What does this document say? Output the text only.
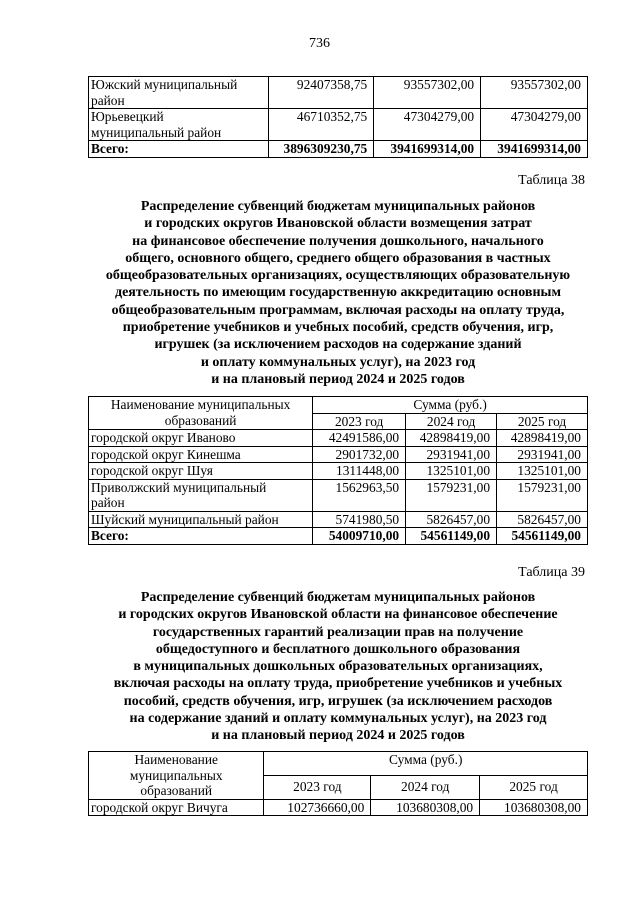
736
Южский муниципальный
район	92407358,75	93557302,00	93557302,00

Юрьевецкий
муниципальный район	46710352,75	47304279,00	47304279,00
Всего:	3896309230,75	3941699314,00	3941699314,00
Таблица 38
Распределение субвенций бюджетам муниципальных районов
и городских округов Ивановской области возмещения затрат
на финансовое обеспечение получения дошкольного, начального
общего, основного общего, среднего общего образования в частных
общеобразовательных организациях, осуществляющих образовательную
деятельность по имеющим государственную аккредитацию основным
общеобразовательным программам, включая расходы на оплату труда,
приобретение учебников и учебных пособий, средств обучения, игр,
игрушек (за исключением расходов на содержание зданий
и оплату коммунальных услуг), на 2023 год
и на плановый период 2024 и 2025 годов
Наименование муниципальных
образований	Сумма (руб.)		
	2023 год	2024 год	2025 год

городской округ Иваново	42491586,00	42898419,00	42898419,00

городской округ Кинешма	2901732,00	2931941,00	2931941,00

городской округ Шуя	1311448,00	1325101,00	1325101,00

Приволжский муниципальный
район	1562963,50	1579231,00	1579231,00

Шуйский муниципальный район	5741980,50	5826457,00	5826457,00
Всего:	54009710,00	54561149,00	54561149,00
Таблица 39
Распределение субвенций бюджетам муниципальных районов
и городских округов Ивановской области на финансовое обеспечение
государственных гарантий реализации прав на получение
общедоступного и бесплатного дошкольного образования
в муниципальных дошкольных образовательных организациях,
включая расходы на оплату труда, приобретение учебников и учебных
пособий, средств обучения, игр, игрушек (за исключением расходов
на содержание зданий и оплату коммунальных услуг), на 2023 год
и на плановый период 2024 и 2025 годов
Наименование
муниципальных
образований	Сумма (руб.)		
	2023 год	2024 год	2025 год

городской округ Вичуга	102736660,00	103680308,00	103680308,00
